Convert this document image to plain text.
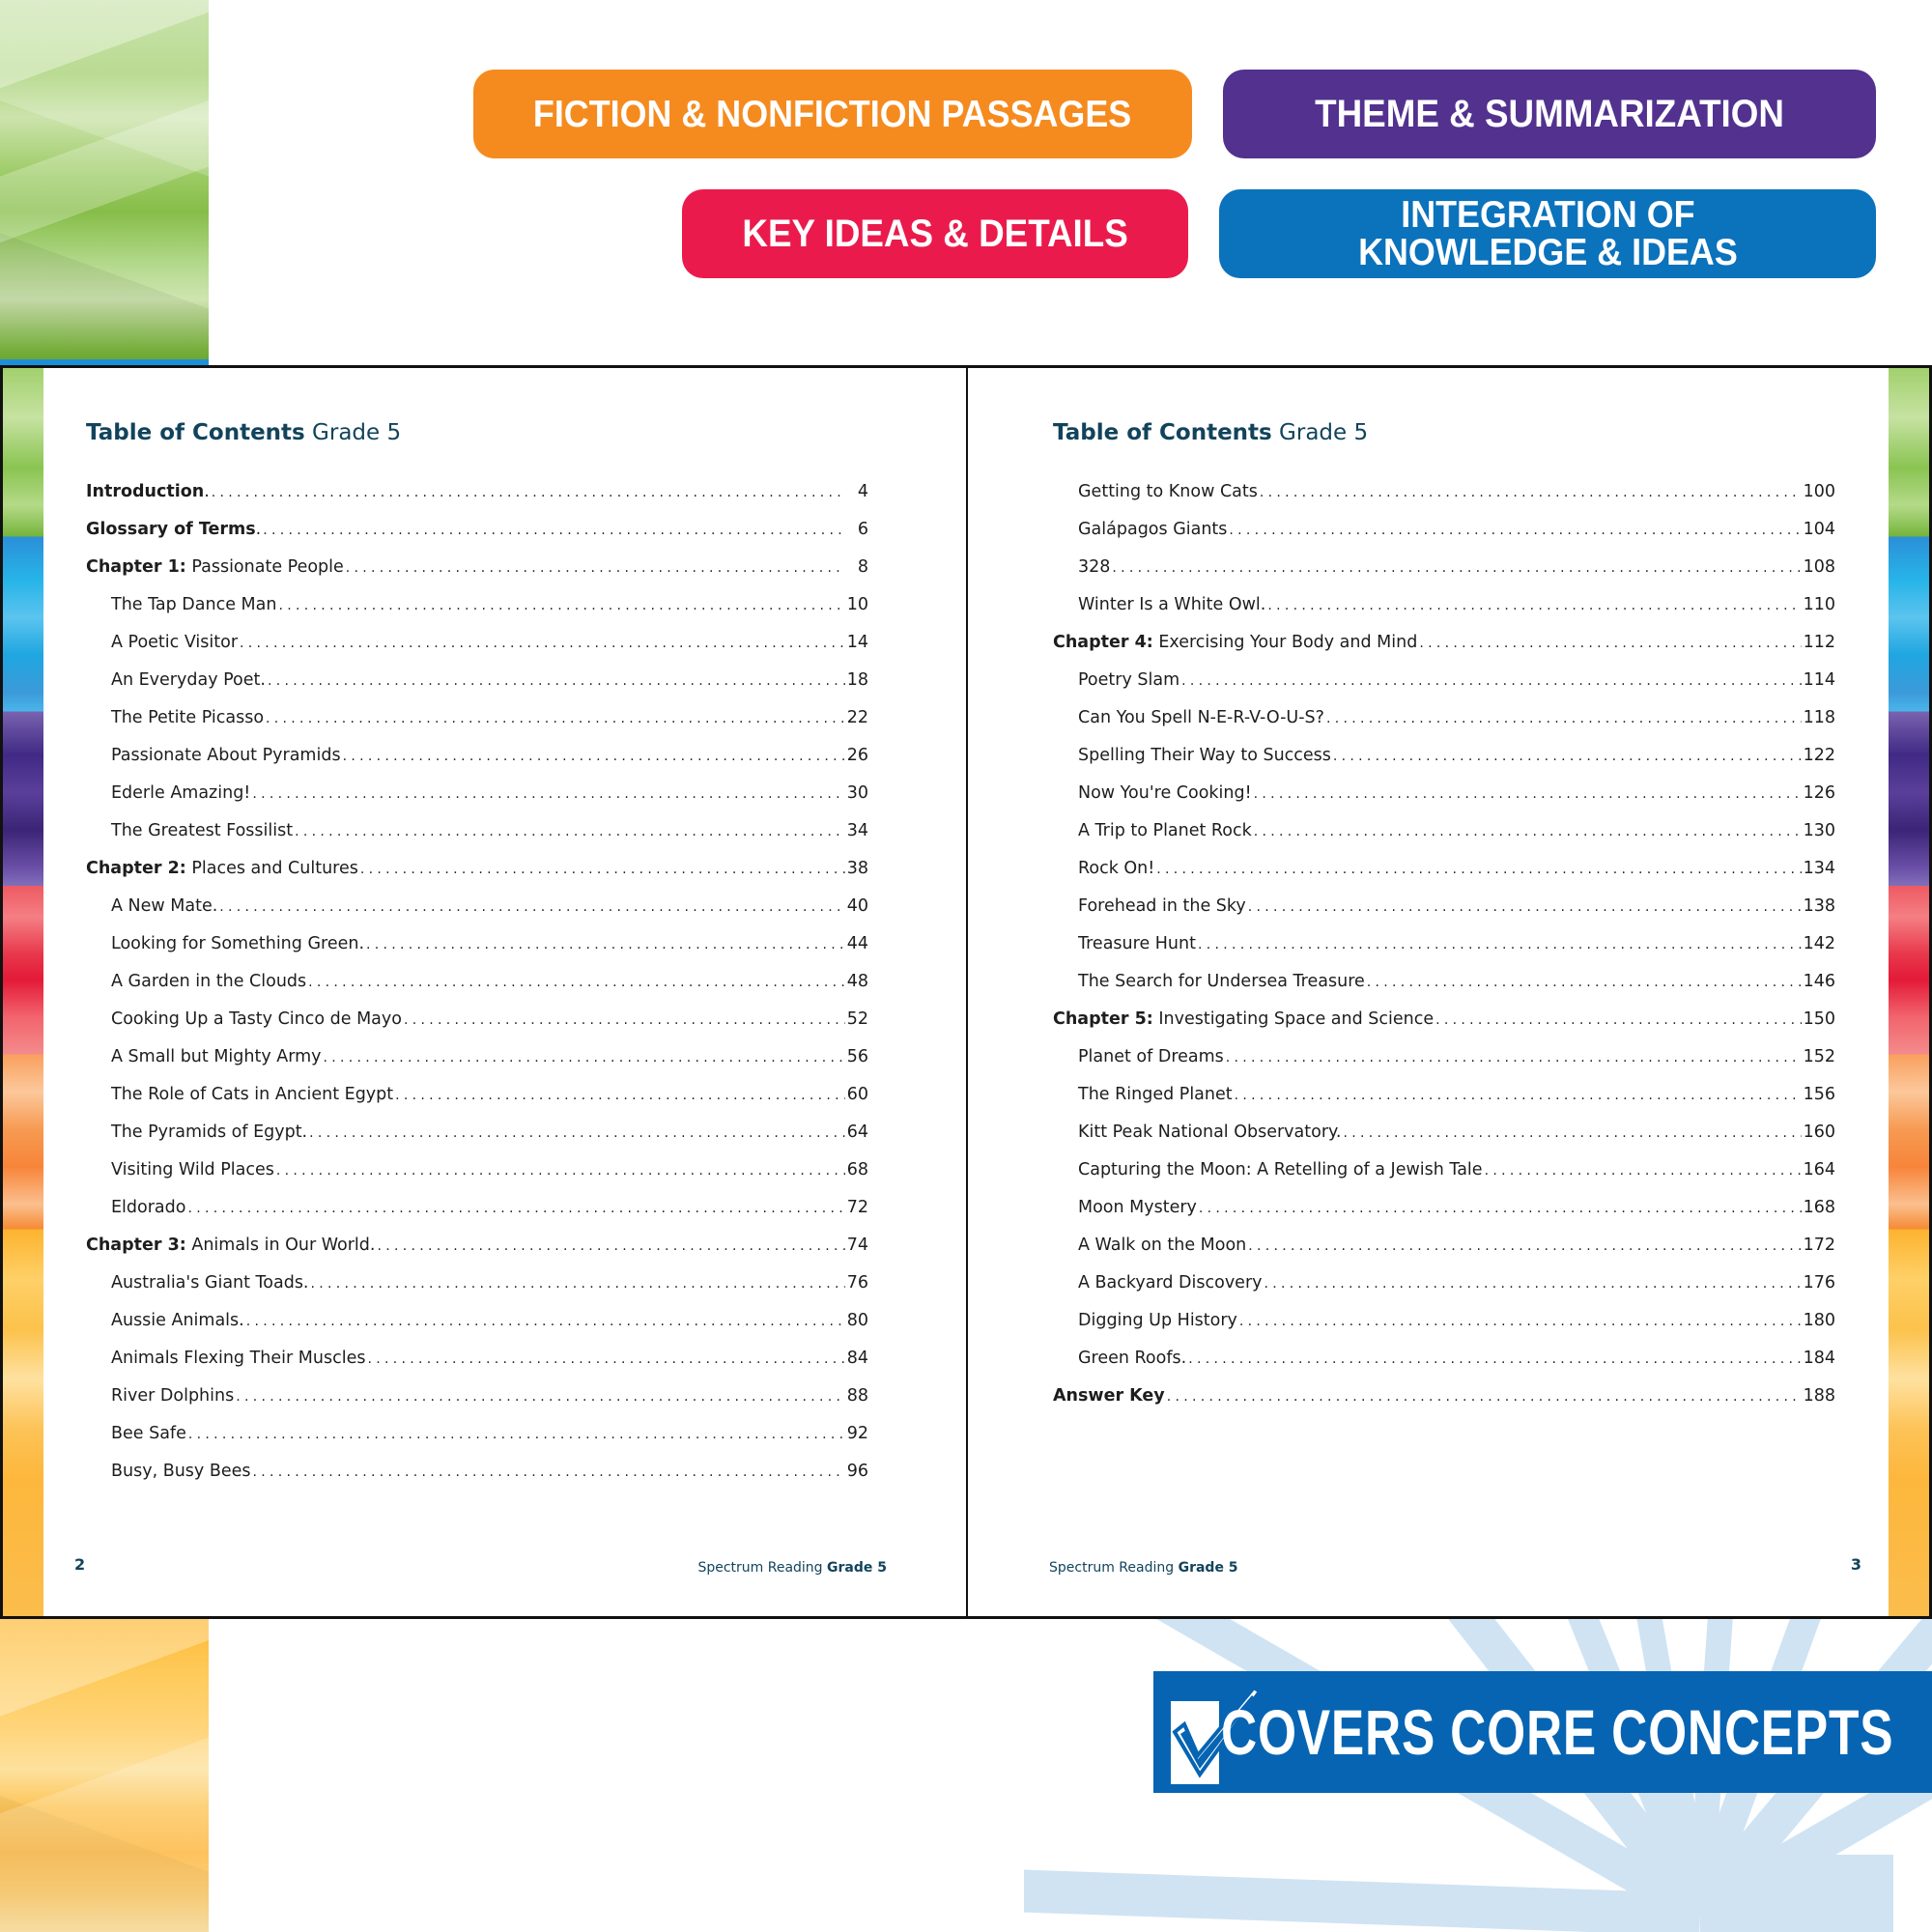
FICTION & NONFICTION PASSAGES	THEME & SUMMARIZATION
KEY IDEAS & DETAILS	INTEGRATION OF
KNOWLEDGE & IDEAS
Table of Contents Grade 5
Introduction. .....	4
Glossary of Terms. .....	6
Chapter 1: Passionate People .....	8
The Tap Dance Man .....	10
A Poetic Visitor .....	14
An Everyday Poet. .....	18
The Petite Picasso .....	22
Passionate About Pyramids .....	26
Ederle Amazing! .....	30
The Greatest Fossilist .....	34
Chapter 2: Places and Cultures .....	38
A New Mate. .....	40
Looking for Something Green. .....	44
A Garden in the Clouds .....	48
Cooking Up a Tasty Cinco de Mayo .....	52
A Small but Mighty Army .....	56
The Role of Cats in Ancient Egypt .....	60
The Pyramids of Egypt. .....	64
Visiting Wild Places .....	68
Eldorado .....	72
Chapter 3: Animals in Our World. .....	74
Australia's Giant Toads. .....	76
Aussie Animals. .....	80
Animals Flexing Their Muscles .....	84
River Dolphins .....	88
Bee Safe .....	92
Busy, Busy Bees .....	96
2	Spectrum Reading Grade 5
Table of Contents Grade 5
Getting to Know Cats .....	100
Galápagos Giants .....	104
328 .....	108
Winter Is a White Owl. .....	110
Chapter 4: Exercising Your Body and Mind .....	112
Poetry Slam .....	114
Can You Spell N-E-R-V-O-U-S? .....	118
Spelling Their Way to Success .....	122
Now You're Cooking! .....	126
A Trip to Planet Rock .....	130
Rock On! .....	134
Forehead in the Sky .....	138
Treasure Hunt .....	142
The Search for Undersea Treasure .....	146
Chapter 5: Investigating Space and Science .....	150
Planet of Dreams .....	152
The Ringed Planet .....	156
Kitt Peak National Observatory. .....	160
Capturing the Moon: A Retelling of a Jewish Tale .....	164
Moon Mystery .....	168
A Walk on the Moon .....	172
A Backyard Discovery .....	176
Digging Up History .....	180
Green Roofs. .....	184
Answer Key .....	188
Spectrum Reading Grade 5	3
COVERS CORE CONCEPTS
